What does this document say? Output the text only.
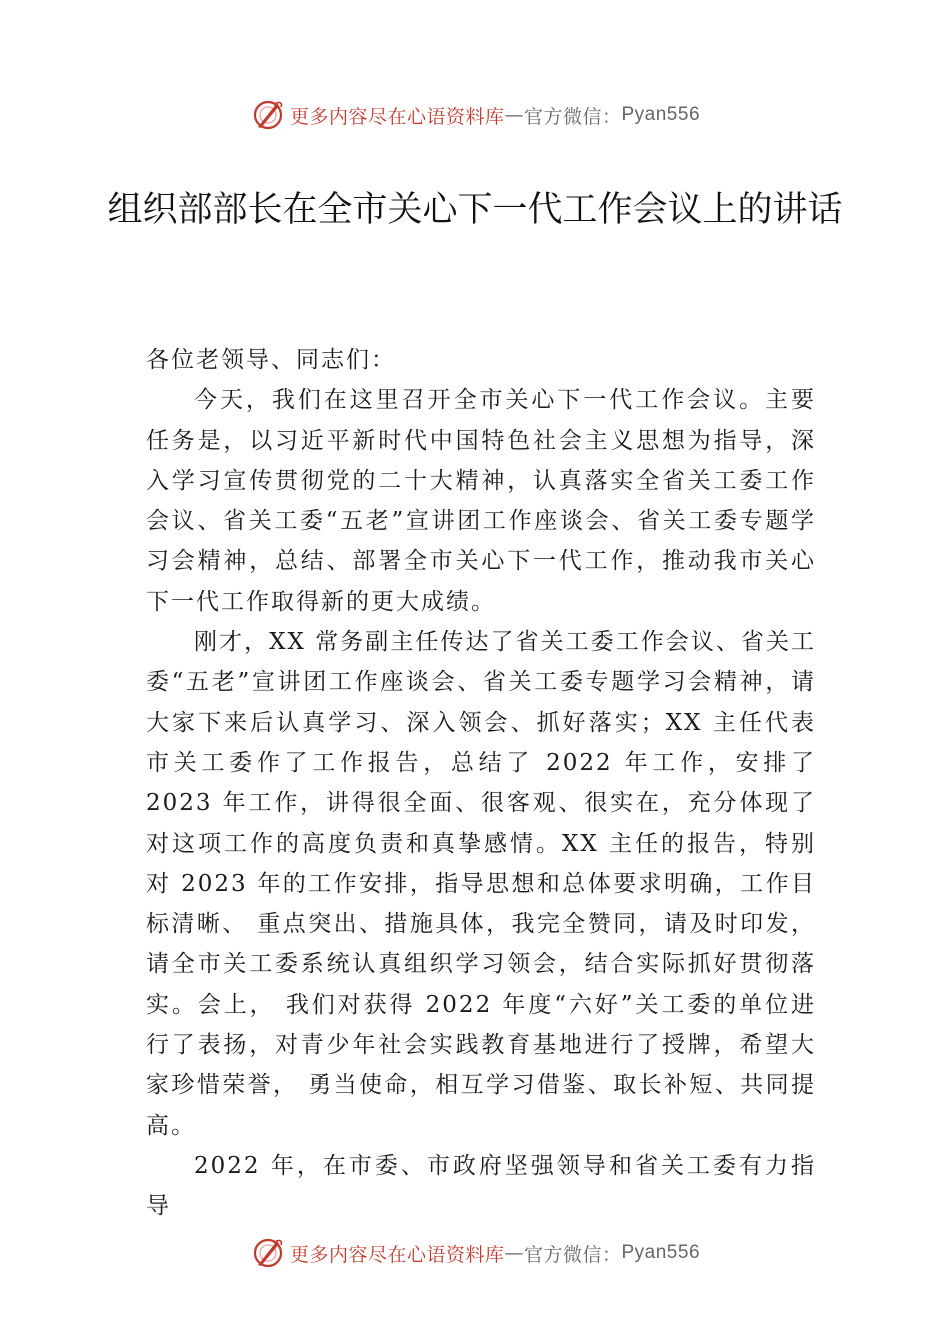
更多内容尽在心语资料库 — 官方微信： Pyan556
组织部部长在全市关心下一代工作会议上的讲话

各位老领导、同志们：

今天，我们在这里召开全市关心下一代工作会议。主要任务是，以习近平新时代中国特色社会主义思想为指导，深入学习宣传贯彻党的二十大精神，认真落实全省关工委工作会议、省关工委“五老”宣讲团工作座谈会、省关工委专题学习会精神，总结、部署全市关心下一代工作，推动我市关心下一代工作取得新的更大成绩。

刚才，XX 常务副主任传达了省关工委工作会议、省关工委“五老”宣讲团工作座谈会、省关工委专题学习会精神，请大家下来后认真学习、深入领会、抓好落实；XX 主任代表市关工委作了工作报告，总结了 2022 年工作，安排了 2023 年工作，讲得很全面、很客观、很实在，充分体现了对这项工作的高度负责和真挚感情。XX 主任的报告，特别对 2023 年的工作安排，指导思想和总体要求明确，工作目标清晰、 重点突出、措施具体，我完全赞同，请及时印发，请全市关工委系统认真组织学习领会，结合实际抓好贯彻落实。会上， 我们对获得 2022 年度“六好”关工委的单位进行了表扬，对青少年社会实践教育基地进行了授牌，希望大家珍惜荣誉， 勇当使命，相互学习借鉴、取长补短、共同提高。

2022 年，在市委、市政府坚强领导和省关工委有力指导

更多内容尽在心语资料库 — 官方微信： Pyan556
